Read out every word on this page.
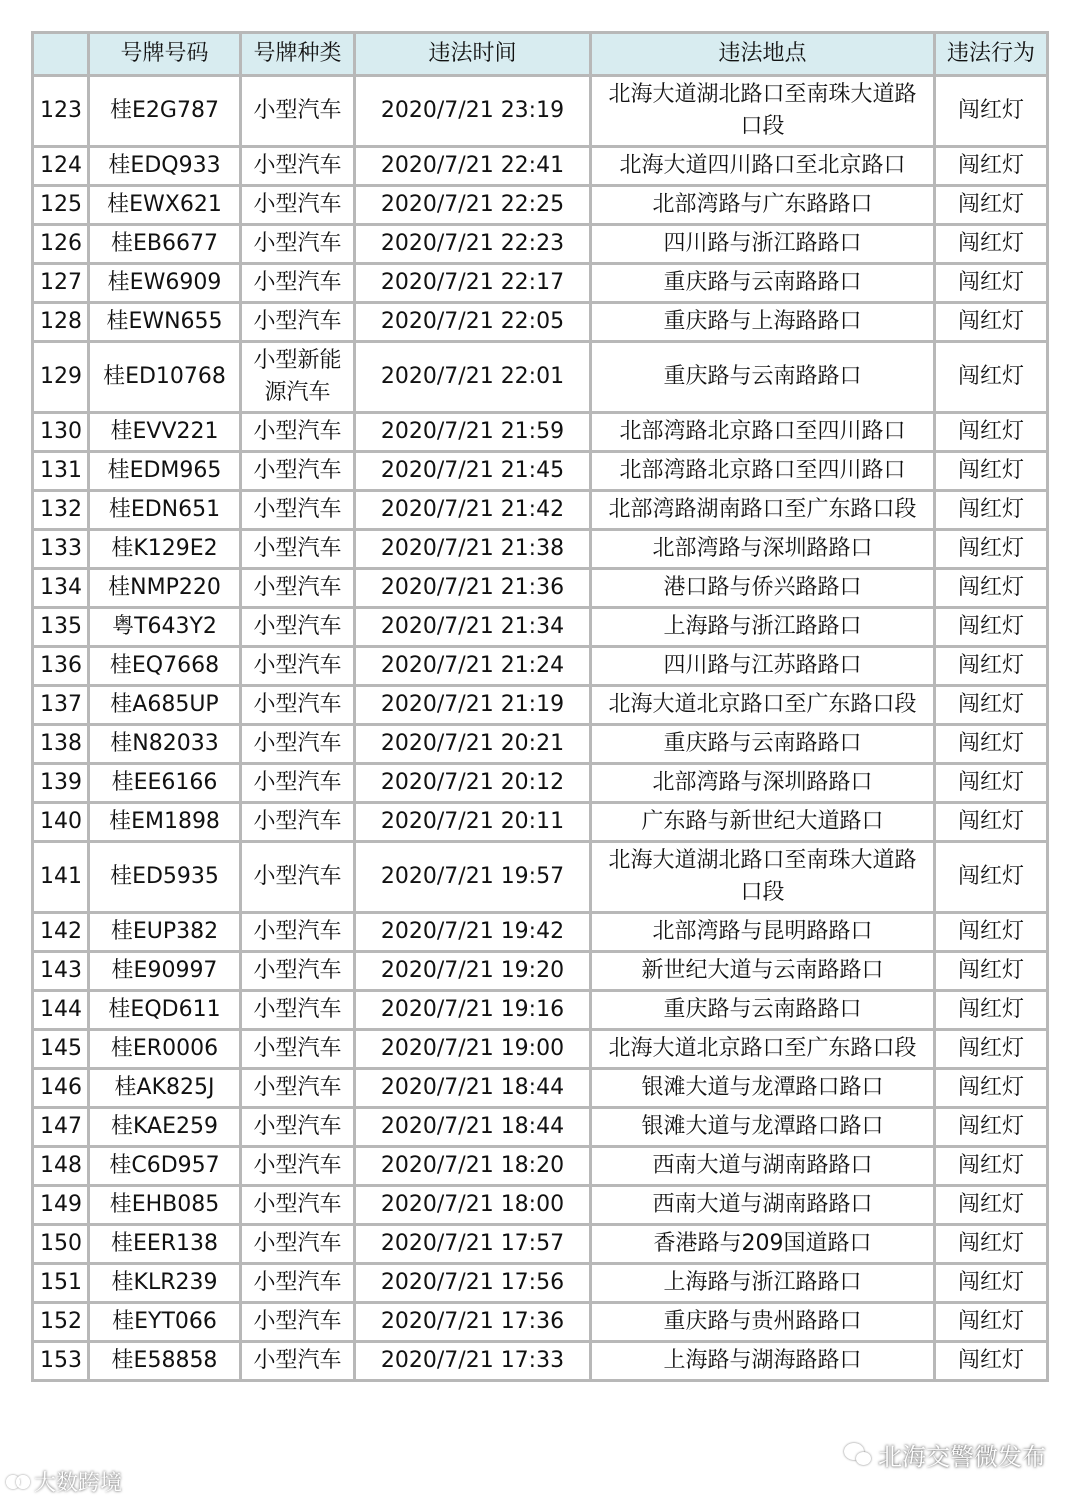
	号牌号码	号牌种类	违法时间	违法地点	违法行为
123	桂E2G787	小型汽车	2020/7/21 23:19	北海大道湖北路口至南珠大道路口段	闯红灯
124	桂EDQ933	小型汽车	2020/7/21 22:41	北海大道四川路口至北京路口	闯红灯
125	桂EWX621	小型汽车	2020/7/21 22:25	北部湾路与广东路路口	闯红灯
126	桂EB6677	小型汽车	2020/7/21 22:23	四川路与浙江路路口	闯红灯
127	桂EW6909	小型汽车	2020/7/21 22:17	重庆路与云南路路口	闯红灯
128	桂EWN655	小型汽车	2020/7/21 22:05	重庆路与上海路路口	闯红灯
129	桂ED10768	小型新能源汽车	2020/7/21 22:01	重庆路与云南路路口	闯红灯
130	桂EVV221	小型汽车	2020/7/21 21:59	北部湾路北京路口至四川路口	闯红灯
131	桂EDM965	小型汽车	2020/7/21 21:45	北部湾路北京路口至四川路口	闯红灯
132	桂EDN651	小型汽车	2020/7/21 21:42	北部湾路湖南路口至广东路口段	闯红灯
133	桂K129E2	小型汽车	2020/7/21 21:38	北部湾路与深圳路路口	闯红灯
134	桂NMP220	小型汽车	2020/7/21 21:36	港口路与侨兴路路口	闯红灯
135	粤T643Y2	小型汽车	2020/7/21 21:34	上海路与浙江路路口	闯红灯
136	桂EQ7668	小型汽车	2020/7/21 21:24	四川路与江苏路路口	闯红灯
137	桂A685UP	小型汽车	2020/7/21 21:19	北海大道北京路口至广东路口段	闯红灯
138	桂N82033	小型汽车	2020/7/21 20:21	重庆路与云南路路口	闯红灯
139	桂EE6166	小型汽车	2020/7/21 20:12	北部湾路与深圳路路口	闯红灯
140	桂EM1898	小型汽车	2020/7/21 20:11	广东路与新世纪大道路口	闯红灯
141	桂ED5935	小型汽车	2020/7/21 19:57	北海大道湖北路口至南珠大道路口段	闯红灯
142	桂EUP382	小型汽车	2020/7/21 19:42	北部湾路与昆明路路口	闯红灯
143	桂E90997	小型汽车	2020/7/21 19:20	新世纪大道与云南路路口	闯红灯
144	桂EQD611	小型汽车	2020/7/21 19:16	重庆路与云南路路口	闯红灯
145	桂ER0006	小型汽车	2020/7/21 19:00	北海大道北京路口至广东路口段	闯红灯
146	桂AK825J	小型汽车	2020/7/21 18:44	银滩大道与龙潭路口路口	闯红灯
147	桂KAE259	小型汽车	2020/7/21 18:44	银滩大道与龙潭路口路口	闯红灯
148	桂C6D957	小型汽车	2020/7/21 18:20	西南大道与湖南路路口	闯红灯
149	桂EHB085	小型汽车	2020/7/21 18:00	西南大道与湖南路路口	闯红灯
150	桂EER138	小型汽车	2020/7/21 17:57	香港路与209国道路口	闯红灯
151	桂KLR239	小型汽车	2020/7/21 17:56	上海路与浙江路路口	闯红灯
152	桂EYT066	小型汽车	2020/7/21 17:36	重庆路与贵州路路口	闯红灯
153	桂E58858	小型汽车	2020/7/21 17:33	上海路与湖海路路口	闯红灯
北海交警微发布
大数跨境
